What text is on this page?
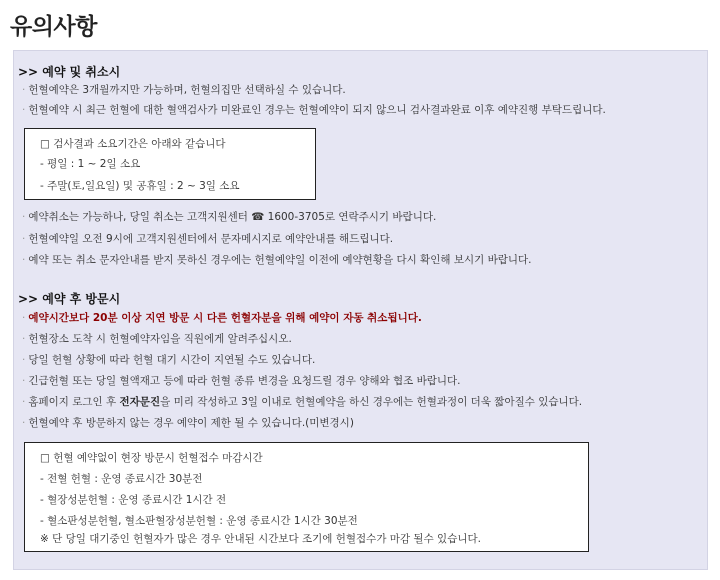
유의사항
>> 예약 및 취소시
· 헌혈예약은 3개월까지만 가능하며, 헌혈의집만 선택하실 수 있습니다.
· 헌혈예약 시 최근 헌혈에 대한 혈액검사가 미완료인 경우는 헌혈예약이 되지 않으니 검사결과완료 이후 예약진행 부탁드립니다.
□ 검사결과 소요기간은 아래와 같습니다
- 평일 : 1 ~ 2일 소요
- 주말(토,일요일) 및 공휴일 : 2 ~ 3일 소요
· 예약취소는 가능하나, 당일 취소는 고객지원센터 ☎ 1600-3705로 연락주시기 바랍니다.
· 헌혈예약일 오전 9시에 고객지원센터에서 문자메시지로 예약안내를 해드립니다.
· 예약 또는 취소 문자안내를 받지 못하신 경우에는 헌혈예약일 이전에 예약현황을 다시 확인해 보시기 바랍니다.
>> 예약 후 방문시
· 예약시간보다 20분 이상 지연 방문 시 다른 헌혈자분을 위해 예약이 자동 취소됩니다.
· 헌혈장소 도착 시 헌혈예약자임을 직원에게 알려주십시오.
· 당일 헌혈 상황에 따라 헌혈 대기 시간이 지연될 수도 있습니다.
· 긴급헌혈 또는 당일 혈액재고 등에 따라 헌혈 종류 변경을 요청드릴 경우 양해와 협조 바랍니다.
· 홈페이지 로그인 후 전자문진을 미리 작성하고 3일 이내로 헌혈예약을 하신 경우에는 헌혈과정이 더욱 짧아질수 있습니다.
· 헌혈예약 후 방문하지 않는 경우 예약이 제한 될 수 있습니다.(미변경시)
□ 헌혈 예약없이 현장 방문시 헌혈접수 마감시간
- 전혈 헌혈 : 운영 종료시간 30분전
- 혈장성분헌혈 : 운영 종료시간 1시간 전
- 혈소판성분헌혈, 혈소판혈장성분헌혈 : 운영 종료시간 1시간 30분전
※ 단 당일 대기중인 헌혈자가 많은 경우 안내된 시간보다 조기에 헌혈접수가 마감 될수 있습니다.
